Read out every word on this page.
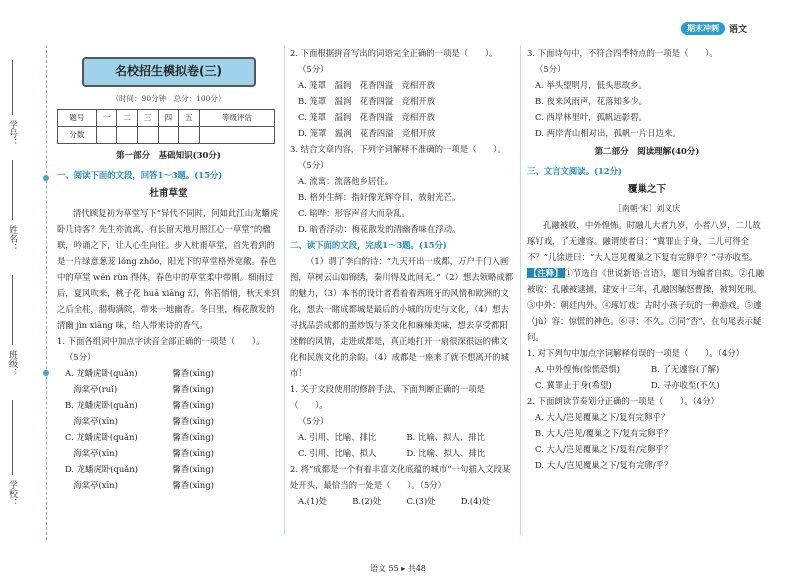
期末冲刺	语文
学号：
姓名：
班级：
学校：
名校招生模拟卷(三)
（时间：90分钟　总分：100分）
题号	一	二	三	四	五	等级评估
分数						
第一部分　基础知识(30分)
一、阅读下面的文段，回答1～3题。(15分)
杜甫草堂
清代顾复初为草堂写下“异代不同时，问如此江山龙蟠虎卧几诗客？先生亦流寓，有长留天地月照江心一草堂”的楹联，吟诵之下，让人心生向往。步入杜甫草堂，首先看到的是一片绿意葱茏 lǒng zhǒo，阳光下的草堂格外宽敞。春色中的草堂 wēn rùn 得体，春色中的草堂柔中带刚。细雨过后，夏风吹来，桃子花 huā xiāng 幻，你若悄悄，秋天来到之后全柱，腊梅满院，带来一地幽香。冬日里，梅花散发的清幽 jìn xiāng 味，给人带来诗的香气。
1. 下面各组词中加点字读音全部正确的一项是（　　）。
（5分）
A. 龙蟠虎卧(quǎn)	馨香(xīng)
　海棠亭(ruǐ)	馨香(xīng)
B. 龙蟠虎卧(quǎn)	馨香(xīng)
　海棠亭(xīn)	馨香(xīng)
C. 龙蟠虎卧(quǎn)	馨香(xīng)
　海棠亭(xīn)	馨香(xīng)
D. 龙蟠虎卧(quǎn)	馨香(xīng)
　海棠亭(xīn)	馨香(xīng)
2. 下面根据拼音写出的词语完全正确的一项是（　　）。
（5分）
A. 笼罩　温润　花香四溢　竞相开放
B. 笼罩　温润　花香四溢　竞相开放
C. 笼罩　温润　花香四溢　竞相开放
D. 笼罩　温润　花香四溢　竞相开放
3. 结合文章内容，下列字词解释不准确的一项是（　　）。
（5分）
A. 流寓：流落他乡居住。
B. 格外生辉：指好像光辉夺目，放射光芒。
C. 暗哗：形容声音大而杂乱。
D. 暗香浮动：梅花散发的清幽香味在浮动。
二、读下面的文段，完成1～3题。(15分)
（1）谓了李白的诗：“九天开出一成都，万户千门入画图，草树云山如锦绣，秦川得及此间无。”（2）想去领略成都的魅力，（3）本书的设计者看着着西班牙的风情和欧洲的文化，想去一睹成都城是最后的小城的历史与文化，（4）想去寻找品尝成都的蛋炒饭与茶文化和麻辣美味，想去享受都阳迷醉的风情，走进成都是，真正地打开一扇很深很远的佛文化和民族文化的余韵。（4）成都是一座来了就不想离开的城市！
1. 关于文段使用的修辞手法，下面判断正确的一项是（　　）。
（5分）
A. 引用、比喻、排比	B. 比喻、拟人、排比
C. 引用、比喻、拟人	D. 比喻、拟人、排比
2. 将“成都是一个有着丰富文化底蕴的城市”一句插入文段某处开头，最恰当的一处是（　　）。（5分）
A.(1)处	B.(2)处	C.(3)处	D.(4)处
3. 下面诗句中，不符合四季特点的一项是（　　）。
（5分）
A. 举头望明月，低头思故乡。
B. 夜来风雨声，花落知多少。
C. 西岸林里叶，孤帆远影碧。
D. 两岸青山相对出，孤帆一片日边来。
第二部分　阅读理解(40分)
三、文言文阅读。(12分)
覆巢之下
［南朝·宋］刘义庆
孔融被收，中外惶怖。时融儿大者九岁，小者八岁，二儿故琢钉戏，了无遽容。融谓使者曰：“冀罪止于身，二儿可得全不？”儿徐进曰：“大人岂见覆巢之下复有完卵乎？”寻亦收至。
【注释】 ①节选自《世说新语·言语》，题目为编者自拟。②孔融被收：孔融被逮捕，建安十三年，孔融因触怒曹操，被判死刑。③中外：朝廷内外。④琢钉戏：古时小孩子玩的一种游戏。⑤遽（jù）容：惊慌的神色。⑥寻：不久。⑦同“否”，在句尾表示疑问。
1. 对下列句中加点字词解释有误的一项是（　　）。（4分）
A. 中外惶怖(惊慌恐惧)	B. 了无遽容(了解)
C. 冀罪止于身(希望)	D. 寻亦收至(不久)
2. 下面朗读节奏划分正确的一项是（　　）。（4分）
A. 大人/岂见覆巢之下/复有完卵乎？
B. 大人/岂见/覆巢之下/复有完卵乎？
C. 大人/岂见覆巢之下/复有/完卵乎？
D. 大人/岂见覆巢之下/复有完卵/乎？
语文 55 ▸ 共48
